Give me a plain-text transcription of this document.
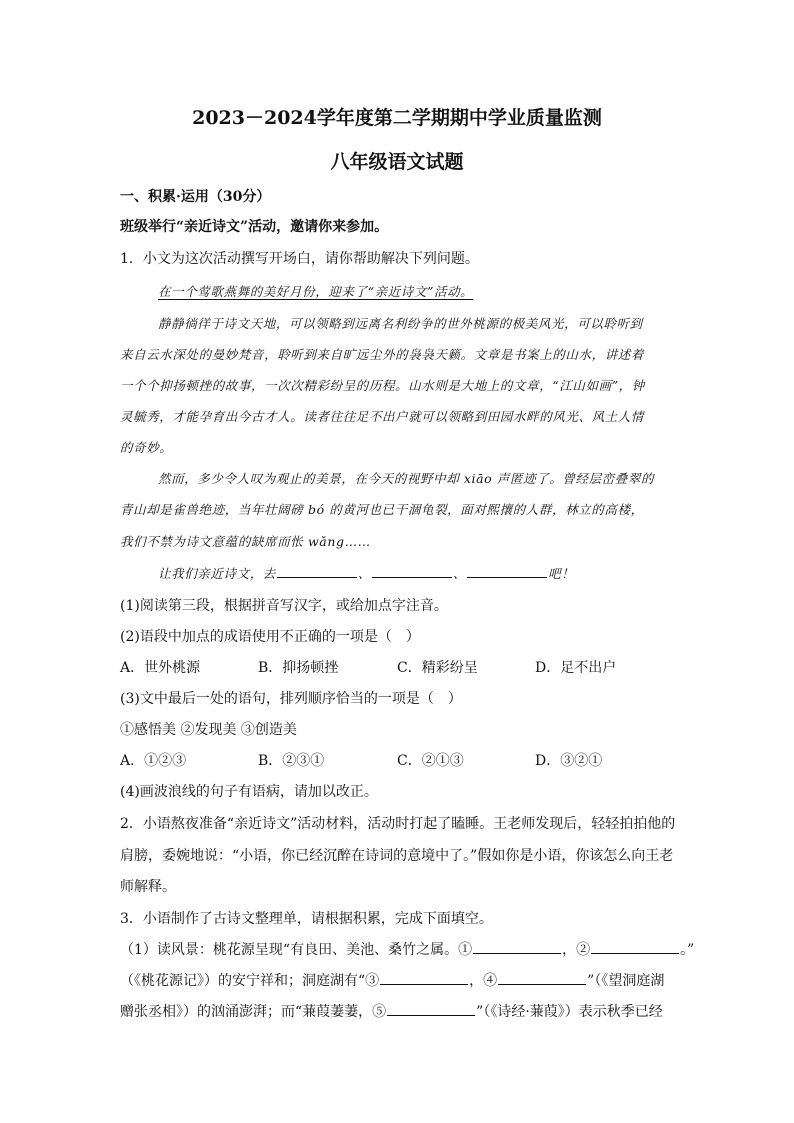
2023－2024学年度第二学期期中学业质量监测
八年级语文试题
一、积累·运用（30分）
班级举行“亲近诗文”活动，邀请你来参加。
1．小文为这次活动撰写开场白，请你帮助解决下列问题。
在一个莺歌燕舞的美好月份，迎来了“亲近诗文”活动。
静静徜徉于诗文天地，可以领略到远离名利纷争的世外桃源的极美风光，可以聆听到
来自云水深处的曼妙梵音，聆听到来自旷远尘外的袅袅天籁。文章是书案上的山水，讲述着
一个个抑扬顿挫的故事，一次次精彩纷呈的历程。山水则是大地上的文章，“江山如画”，钟
灵毓秀，才能孕育出今古才人。读者往往足不出户就可以领略到田园水畔的风光、风土人情
的奇妙。
然而，多少令人叹为观止的美景，在今天的视野中却 xiāo 声匿迹了。曾经层峦叠翠的
青山却是雀兽绝迹，当年壮阔磅 bó 的黄河也已干涸龟裂，面对熙攘的人群，林立的高楼，
我们不禁为诗文意蕴的缺席而怅 wǎng……
让我们亲近诗文，去	、	、	吧！
(1)阅读第三段，根据拼音写汉字，或给加点字注音。
(2)语段中加点的成语使用不正确的一项是（　）
A．世外桃源	B．抑扬顿挫	C．精彩纷呈	D．足不出户
(3)文中最后一处的语句，排列顺序恰当的一项是（　）
①感悟美 ②发现美 ③创造美
A．①②③	B．②③①	C．②①③	D．③②①
(4)画波浪线的句子有语病，请加以改正。
2．小语熬夜准备“亲近诗文”活动材料，活动时打起了瞌睡。王老师发现后，轻轻拍拍他的
肩膀，委婉地说：“小语，你已经沉醉在诗词的意境中了。”假如你是小语，你该怎么向王老
师解释。
3．小语制作了古诗文整理单，请根据积累，完成下面填空。
（1）读风景：桃花源呈现“有良田、美池、桑竹之属。①	，②	。”
（《桃花源记》）的安宁祥和；洞庭湖有“③	，④	”（《望洞庭湖
赠张丞相》）的汹涌澎湃；而“蒹葭萋萋，⑤	”（《诗经·蒹葭》）表示秋季已经
